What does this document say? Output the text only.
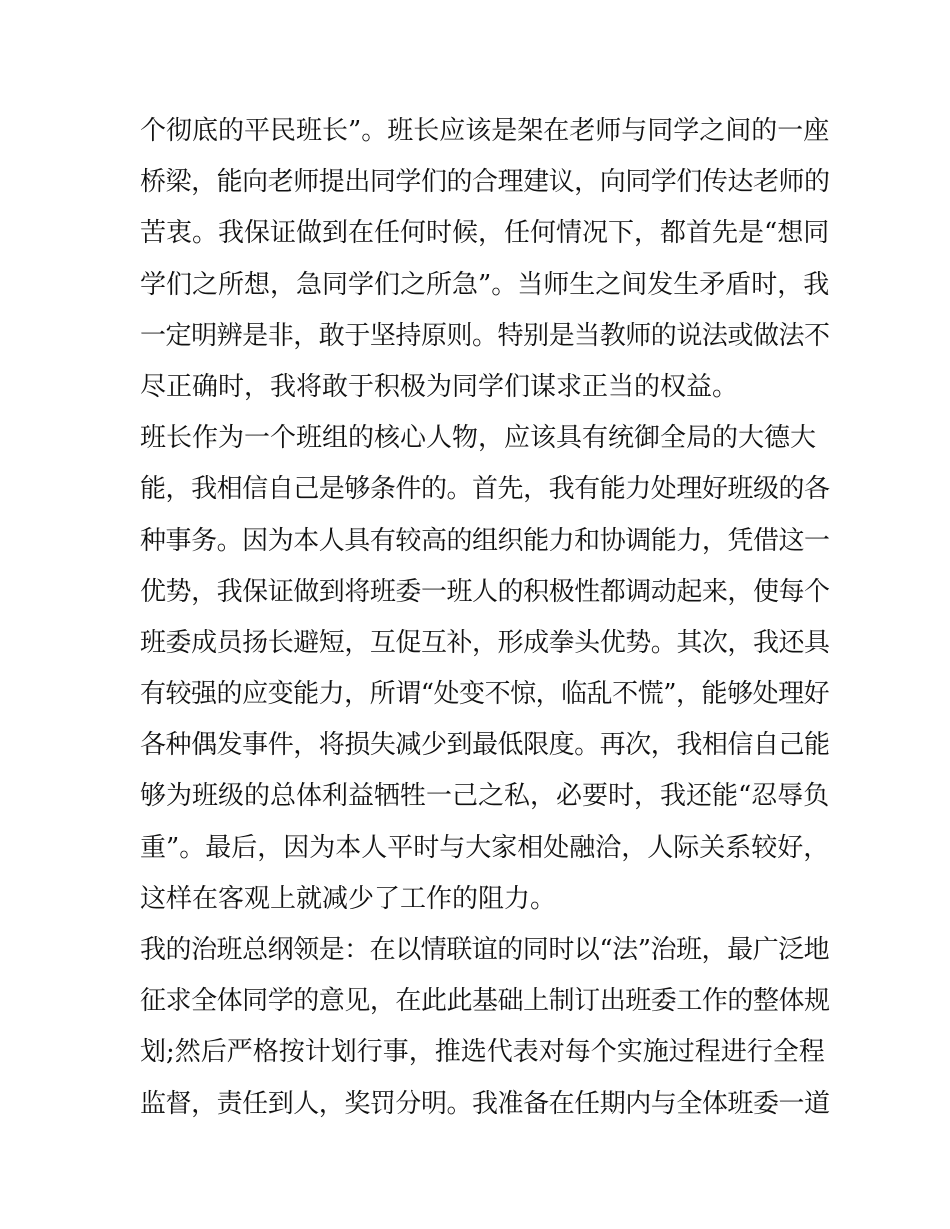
个彻底的平民班长”。班长应该是架在老师与同学之间的一座
桥梁，能向老师提出同学们的合理建议，向同学们传达老师的
苦衷。我保证做到在任何时候，任何情况下，都首先是“想同
学们之所想，急同学们之所急”。当师生之间发生矛盾时，我
一定明辨是非，敢于坚持原则。特别是当教师的说法或做法不
尽正确时，我将敢于积极为同学们谋求正当的权益。
班长作为一个班组的核心人物，应该具有统御全局的大德大
能，我相信自己是够条件的。首先，我有能力处理好班级的各
种事务。因为本人具有较高的组织能力和协调能力，凭借这一
优势，我保证做到将班委一班人的积极性都调动起来，使每个
班委成员扬长避短，互促互补，形成拳头优势。其次，我还具
有较强的应变能力，所谓“处变不惊，临乱不慌”，能够处理好
各种偶发事件，将损失减少到最低限度。再次，我相信自己能
够为班级的总体利益牺牲一己之私，必要时，我还能“忍辱负
重”。最后，因为本人平时与大家相处融洽，人际关系较好，
这样在客观上就减少了工作的阻力。
我的治班总纲领是：在以情联谊的同时以“法”治班，最广泛地
征求全体同学的意见，在此此基础上制订出班委工作的整体规
划;然后严格按计划行事，推选代表对每个实施过程进行全程
监督，责任到人，奖罚分明。我准备在任期内与全体班委一道
